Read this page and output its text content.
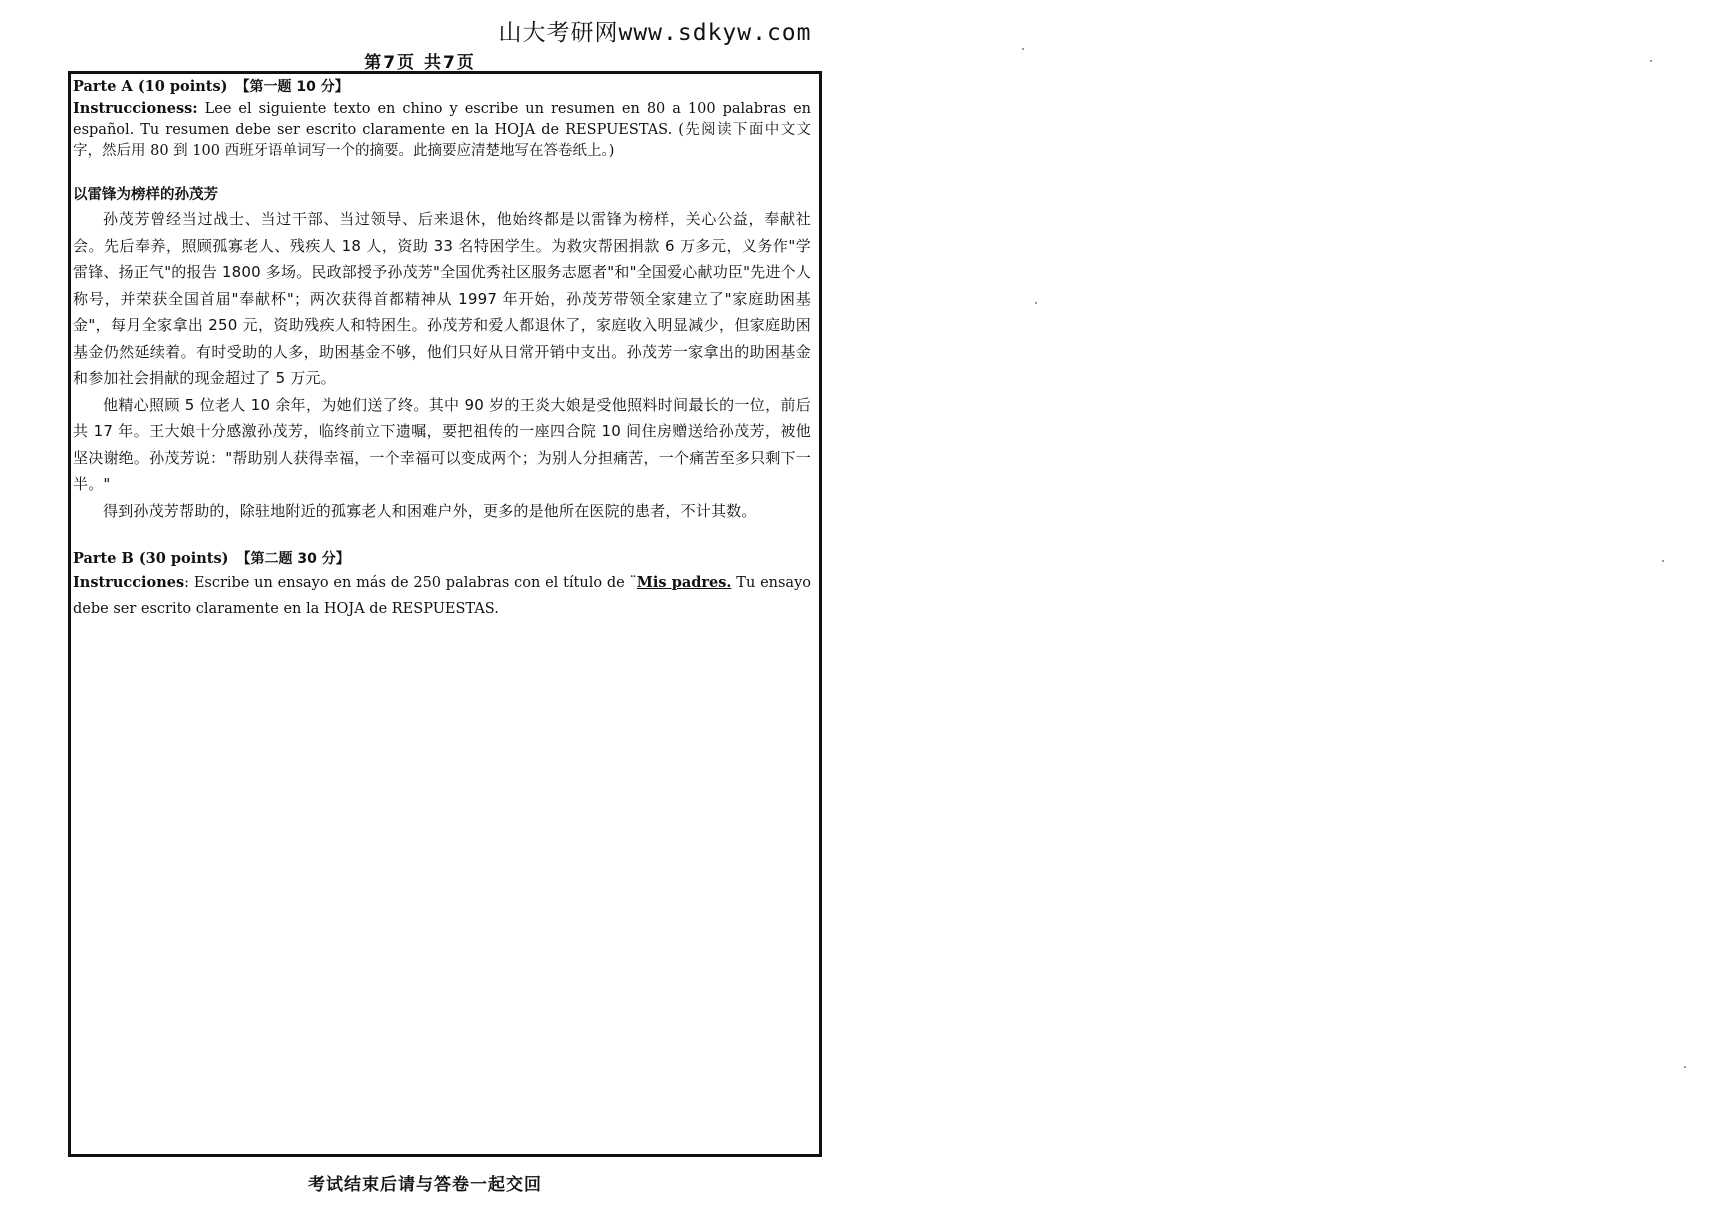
山大考研网www.sdkyw.com
第7页 共7页
Parte A (10 points) 【第一题 10 分】
Instruccioness: Lee el siguiente texto en chino y escribe un resumen en 80 a 100 palabras en español. Tu resumen debe ser escrito claramente en la HOJA de RESPUESTAS. (先阅读下面中文文字，然后用 80 到 100 西班牙语单词写一个的摘要。此摘要应清楚地写在答卷纸上。)
以雷锋为榜样的孙茂芳

孙茂芳曾经当过战士、当过干部、当过领导、后来退休，他始终都是以雷锋为榜样，关心公益，奉献社会。先后奉养，照顾孤寡老人、残疾人 18 人，资助 33 名特困学生。为救灾帮困捐款 6 万多元，义务作"学雷锋、扬正气"的报告 1800 多场。民政部授予孙茂芳"全国优秀社区服务志愿者"和"全国爱心献功臣"先进个人称号，并荣获全国首届"奉献杯"；两次获得首都精神从 1997 年开始，孙茂芳带领全家建立了"家庭助困基金"，每月全家拿出 250 元，资助残疾人和特困生。孙茂芳和爱人都退休了，家庭收入明显减少，但家庭助困基金仍然延续着。有时受助的人多，助困基金不够，他们只好从日常开销中支出。孙茂芳一家拿出的助困基金和参加社会捐献的现金超过了 5 万元。

他精心照顾 5 位老人 10 余年，为她们送了终。其中 90 岁的王炎大娘是受他照料时间最长的一位，前后共 17 年。王大娘十分感激孙茂芳，临终前立下遗嘱，要把祖传的一座四合院 10 间住房赠送给孙茂芳，被他坚决谢绝。孙茂芳说："帮助别人获得幸福，一个幸福可以变成两个；为别人分担痛苦，一个痛苦至多只剩下一半。"

得到孙茂芳帮助的，除驻地附近的孤寡老人和困难户外，更多的是他所在医院的患者，不计其数。

Parte B (30 points) 【第二题 30 分】
Instrucciones: Escribe un ensayo en más de 250 palabras con el título de ¨Mis padres. Tu ensayo debe ser escrito claramente en la HOJA de RESPUESTAS.
考试结束后请与答卷一起交回
